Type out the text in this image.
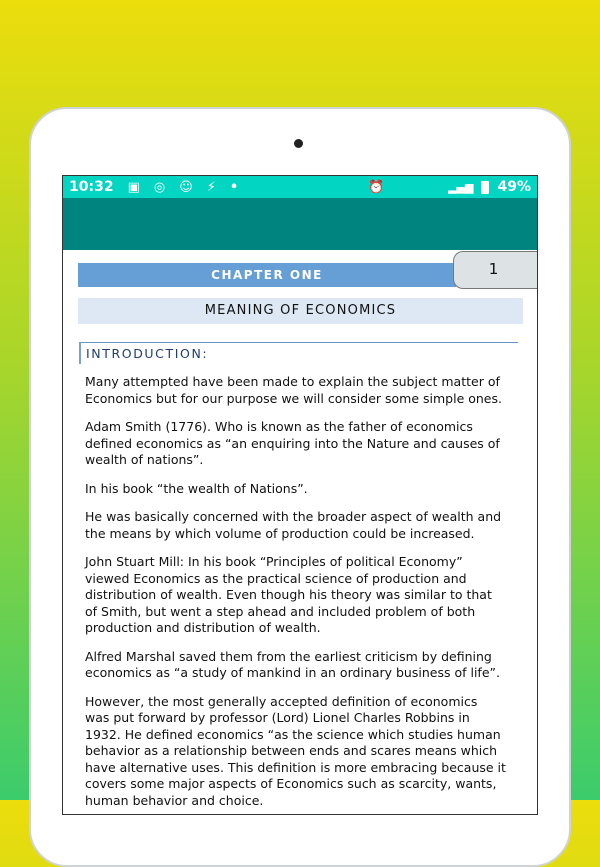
10:32 ▣ ◎ ☺ ⚡ •	⏰	▂▄▆ 49%
CHAPTER ONE	1
MEANING OF ECONOMICS
INTRODUCTION:

Many attempted have been made to explain the subject matter of
Economics but for our purpose we will consider some simple ones.

Adam Smith (1776). Who is known as the father of economics
defined economics as “an enquiring into the Nature and causes of
wealth of nations”.

In his book “the wealth of Nations”.

He was basically concerned with the broader aspect of wealth and
the means by which volume of production could be increased.

John Stuart Mill: In his book “Principles of political Economy”
viewed Economics as the practical science of production and
distribution of wealth. Even though his theory was similar to that
of Smith, but went a step ahead and included problem of both
production and distribution of wealth.

Alfred Marshal saved them from the earliest criticism by defining
economics as “a study of mankind in an ordinary business of life”.

However, the most generally accepted definition of economics
was put forward by professor (Lord) Lionel Charles Robbins in
1932. He defined economics “as the science which studies human
behavior as a relationship between ends and scares means which
have alternative uses. This definition is more embracing because it
covers some major aspects of Economics such as scarcity, wants,
human behavior and choice.
